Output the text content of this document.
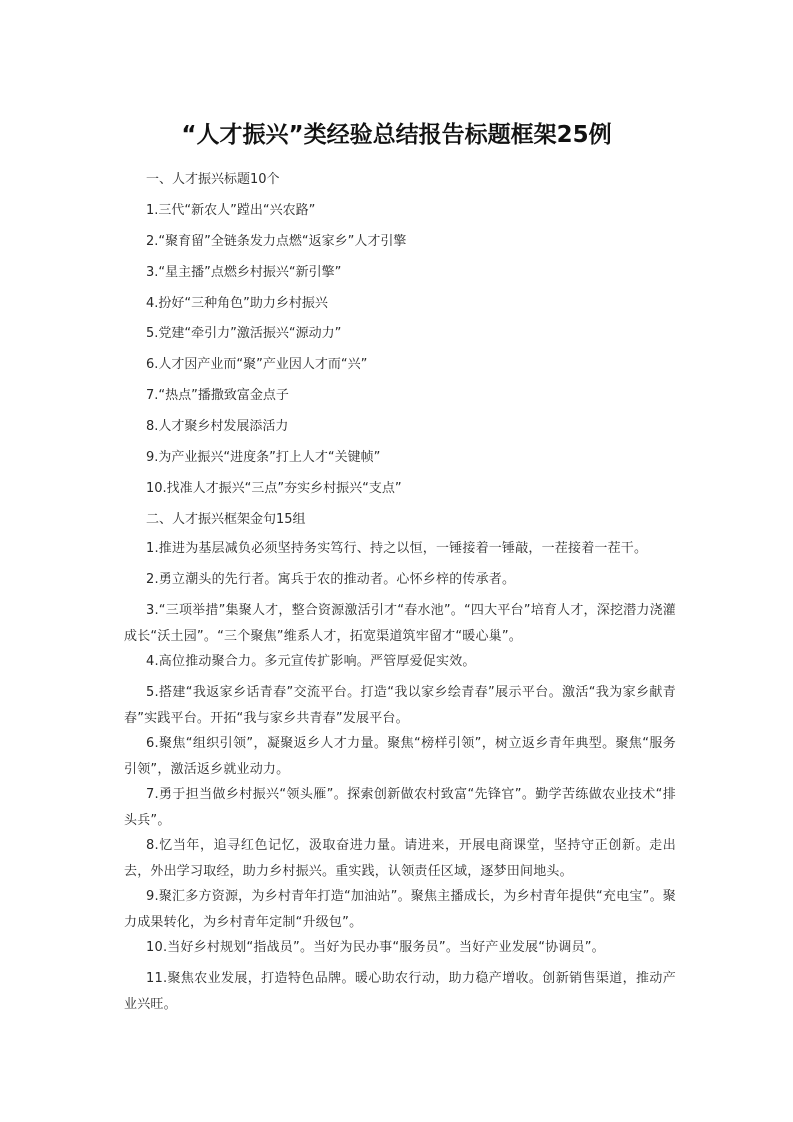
“人才振兴”类经验总结报告标题框架25例
一、人才振兴标题10个
1.三代“新农人”蹚出“兴农路”
2.“聚育留”全链条发力点燃“返家乡”人才引擎
3.“星主播”点燃乡村振兴“新引擎”
4.扮好“三种角色”助力乡村振兴
5.党建“牵引力”激活振兴“源动力”
6.人才因产业而“聚”产业因人才而“兴”
7.“热点”播撒致富金点子
8.人才聚乡村发展添活力
9.为产业振兴“进度条”打上人才“关键帧”
10.找准人才振兴“三点”夯实乡村振兴“支点”
二、人才振兴框架金句15组
1.推进为基层减负必须坚持务实笃行、持之以恒，一锤接着一锤敲，一茬接着一茬干。
2.勇立潮头的先行者。寓兵于农的推动者。心怀乡梓的传承者。
3.“三项举措”集聚人才，整合资源激活引才“春水池”。“四大平台”培育人才，深挖潜力浇灌成长“沃土园”。“三个聚焦”维系人才，拓宽渠道筑牢留才“暖心巢”。
4.高位推动聚合力。多元宣传扩影响。严管厚爱促实效。
5.搭建“我返家乡话青春”交流平台。打造“我以家乡绘青春”展示平台。激活“我为家乡献青春”实践平台。开拓“我与家乡共青春”发展平台。
6.聚焦“组织引领”，凝聚返乡人才力量。聚焦“榜样引领”，树立返乡青年典型。聚焦“服务引领”，激活返乡就业动力。
7.勇于担当做乡村振兴“领头雁”。探索创新做农村致富“先锋官”。勤学苦练做农业技术“排头兵”。
8.忆当年，追寻红色记忆，汲取奋进力量。请进来，开展电商课堂，坚持守正创新。走出去，外出学习取经，助力乡村振兴。重实践，认领责任区域，逐梦田间地头。
9.聚汇多方资源，为乡村青年打造“加油站”。聚焦主播成长，为乡村青年提供“充电宝”。聚力成果转化，为乡村青年定制“升级包”。
10.当好乡村规划“指战员”。当好为民办事“服务员”。当好产业发展“协调员”。
11.聚焦农业发展，打造特色品牌。暖心助农行动，助力稳产增收。创新销售渠道，推动产业兴旺。
